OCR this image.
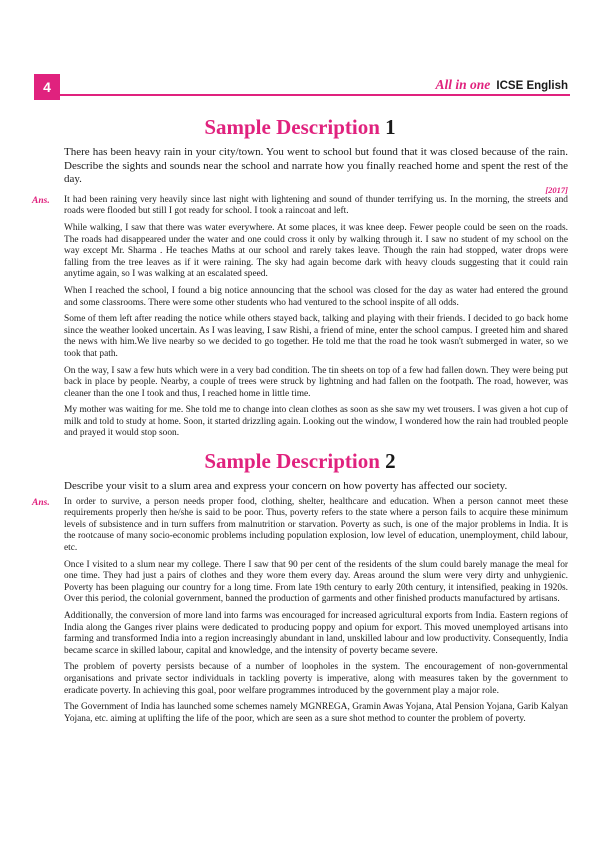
4	All in one ICSE English
Sample Description 1

There has been heavy rain in your city/town. You went to school but found that it was closed because of the rain. Describe the sights and sounds near the school and narrate how you finally reached home and spent the rest of the day.

[2017]
Ans. It had been raining very heavily since last night with lightening and sound of thunder terrifying us. In the morning, the streets and roads were flooded but still I got ready for school. I took a raincoat and left.

While walking, I saw that there was water everywhere. At some places, it was knee deep. Fewer people could be seen on the roads. The roads had disappeared under the water and one could cross it only by walking through it. I saw no student of my school on the way except Mr. Sharma . He teaches Maths at our school and rarely takes leave. Though the rain had stopped, water drops were falling from the tree leaves as if it were raining. The sky had again become dark with heavy clouds suggesting that it could rain anytime again, so I was walking at an escalated speed.

When I reached the school, I found a big notice announcing that the school was closed for the day as water had entered the ground and some classrooms. There were some other students who had ventured to the school inspite of all odds.

Some of them left after reading the notice while others stayed back, talking and playing with their friends. I decided to go back home since the weather looked uncertain. As I was leaving, I saw Rishi, a friend of mine, enter the school campus. I greeted him and shared the news with him.We live nearby so we decided to go together. He told me that the road he took wasn't submerged in water, so we took that path.

On the way, I saw a few huts which were in a very bad condition. The tin sheets on top of a few had fallen down. They were being put back in place by people. Nearby, a couple of trees were struck by lightning and had fallen on the footpath. The road, however, was cleaner than the one I took and thus, I reached home in little time.

My mother was waiting for me. She told me to change into clean clothes as soon as she saw my wet trousers. I was given a hot cup of milk and told to study at home. Soon, it started drizzling again. Looking out the window, I wondered how the rain had troubled people and prayed it would stop soon.

Sample Description 2

Describe your visit to a slum area and express your concern on how poverty has affected our society.

Ans. In order to survive, a person needs proper food, clothing, shelter, healthcare and education. When a person cannot meet these requirements properly then he/she is said to be poor. Thus, poverty refers to the state where a person fails to acquire these minimum levels of subsistence and in turn suffers from malnutrition or starvation. Poverty as such, is one of the major problems in India. It is the rootcause of many socio-economic problems including population explosion, low level of education, unemployment, child labour, etc.

Once I visited to a slum near my college. There I saw that 90 per cent of the residents of the slum could barely manage the meal for one time. They had just a pairs of clothes and they wore them every day. Areas around the slum were very dirty and unhygienic. Poverty has been plaguing our country for a long time. From late 19th century to early 20th century, it intensified, peaking in 1920s. Over this period, the colonial government, banned the production of garments and other finished products manufactured by artisans.

Additionally, the conversion of more land into farms was encouraged for increased agricultural exports from India. Eastern regions of India along the Ganges river plains were dedicated to producing poppy and opium for export. This moved unemployed artisans into farming and transformed India into a region increasingly abundant in land, unskilled labour and low productivity. Consequently, India became scarce in skilled labour, capital and knowledge, and the intensity of poverty became severe.

The problem of poverty persists because of a number of loopholes in the system. The encouragement of non-governmental organisations and private sector individuals in tackling poverty is imperative, along with measures taken by the government to eradicate poverty. In achieving this goal, poor welfare programmes introduced by the government play a major role.

The Government of India has launched some schemes namely MGNREGA, Gramin Awas Yojana, Atal Pension Yojana, Garib Kalyan Yojana, etc. aiming at uplifting the life of the poor, which are seen as a sure shot method to counter the problem of poverty.
